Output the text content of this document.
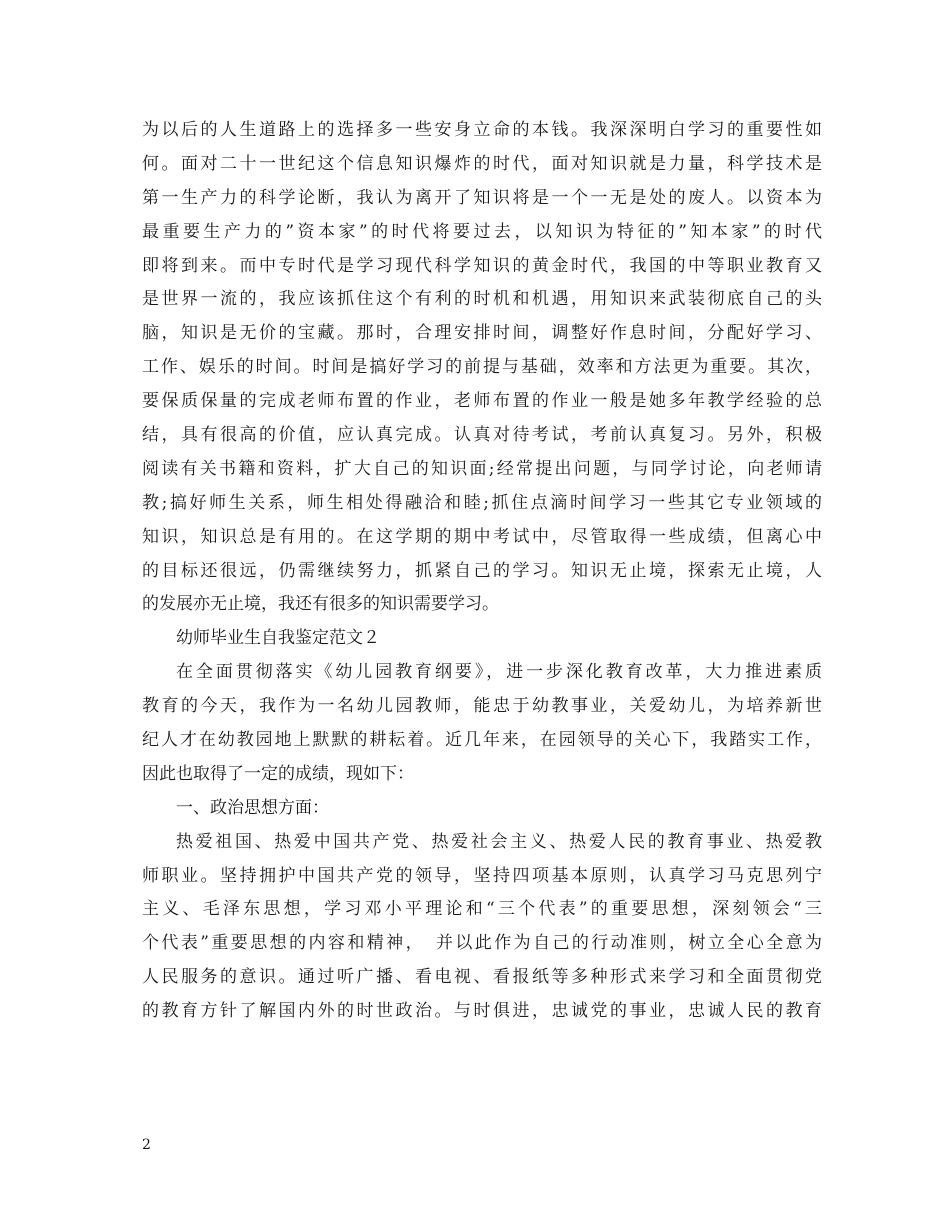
为以后的人生道路上的选择多一些安身立命的本钱。我深深明白学习的重要性如
何。面对二十一世纪这个信息知识爆炸的时代，面对知识就是力量，科学技术是
第一生产力的科学论断，我认为离开了知识将是一个一无是处的废人。以资本为
最重要生产力的”资本家”的时代将要过去，以知识为特征的”知本家”的时代
即将到来。而中专时代是学习现代科学知识的黄金时代，我国的中等职业教育又
是世界一流的，我应该抓住这个有利的时机和机遇，用知识来武装彻底自己的头
脑，知识是无价的宝藏。那时，合理安排时间，调整好作息时间，分配好学习、
工作、娱乐的时间。时间是搞好学习的前提与基础，效率和方法更为重要。其次，
要保质保量的完成老师布置的作业，老师布置的作业一般是她多年教学经验的总
结，具有很高的价值，应认真完成。认真对待考试，考前认真复习。另外，积极
阅读有关书籍和资料，扩大自己的知识面;经常提出问题，与同学讨论，向老师请
教;搞好师生关系，师生相处得融洽和睦;抓住点滴时间学习一些其它专业领域的
知识，知识总是有用的。在这学期的期中考试中，尽管取得一些成绩，但离心中
的目标还很远，仍需继续努力，抓紧自己的学习。知识无止境，探索无止境，人
的发展亦无止境，我还有很多的知识需要学习。
幼师毕业生自我鉴定范文２
在全面贯彻落实《幼儿园教育纲要》，进一步深化教育改革，大力推进素质
教育的今天，我作为一名幼儿园教师，能忠于幼教事业，关爱幼儿，为培养新世
纪人才在幼教园地上默默的耕耘着。近几年来，在园领导的关心下，我踏实工作，
因此也取得了一定的成绩，现如下：
一、政治思想方面：
热爱祖国、热爱中国共产党、热爱社会主义、热爱人民的教育事业、热爱教
师职业。坚持拥护中国共产党的领导，坚持四项基本原则，认真学习马克思列宁
主义、毛泽东思想，学习邓小平理论和“三个代表”的重要思想，深刻领会“三
个代表”重要思想的内容和精神，　并以此作为自己的行动准则，树立全心全意为
人民服务的意识。通过听广播、看电视、看报纸等多种形式来学习和全面贯彻党
的教育方针了解国内外的时世政治。与时俱进，忠诚党的事业，忠诚人民的教育
2
